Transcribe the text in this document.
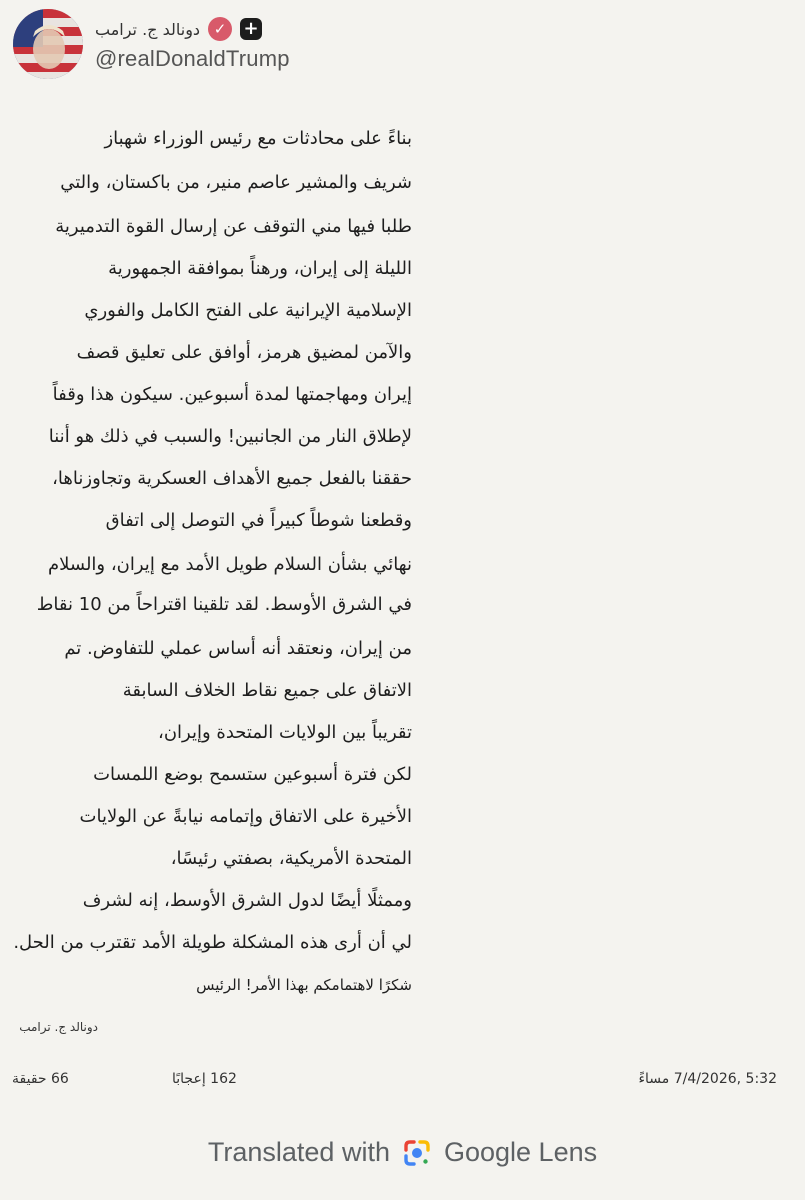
دونالد ج. ترامب ✓ +
@realDonaldTrump
بناءً على محادثات مع رئيس الوزراء شهباز
شريف والمشير عاصم منير، من باكستان، والتي
طلبا فيها مني التوقف عن إرسال القوة التدميرية
الليلة إلى إيران، ورهناً بموافقة الجمهورية
الإسلامية الإيرانية على الفتح الكامل والفوري
والآمن لمضيق هرمز، أوافق على تعليق قصف
إيران ومهاجمتها لمدة أسبوعين. سيكون هذا وقفاً
لإطلاق النار من الجانبين! والسبب في ذلك هو أننا
حققنا بالفعل جميع الأهداف العسكرية وتجاوزناها،
وقطعنا شوطاً كبيراً في التوصل إلى اتفاق
نهائي بشأن السلام طويل الأمد مع إيران، والسلام
في الشرق الأوسط. لقد تلقينا اقتراحاً من 10 نقاط
من إيران، ونعتقد أنه أساس عملي للتفاوض. تم
الاتفاق على جميع نقاط الخلاف السابقة
تقريباً بين الولايات المتحدة وإيران،
لكن فترة أسبوعين ستسمح بوضع اللمسات
الأخيرة على الاتفاق وإتمامه نيابةً عن الولايات
المتحدة الأمريكية، بصفتي رئيسًا،
وممثلًا أيضًا لدول الشرق الأوسط، إنه لشرف
لي أن أرى هذه المشكلة طويلة الأمد تقترب من الحل.
شكرًا لاهتمامكم بهذا الأمر! الرئيس
دونالد ج. ترامب
5:32 ,7/4/2026 مساءً
162 إعجابًا
66 حقيقة
Translated with Google Lens
